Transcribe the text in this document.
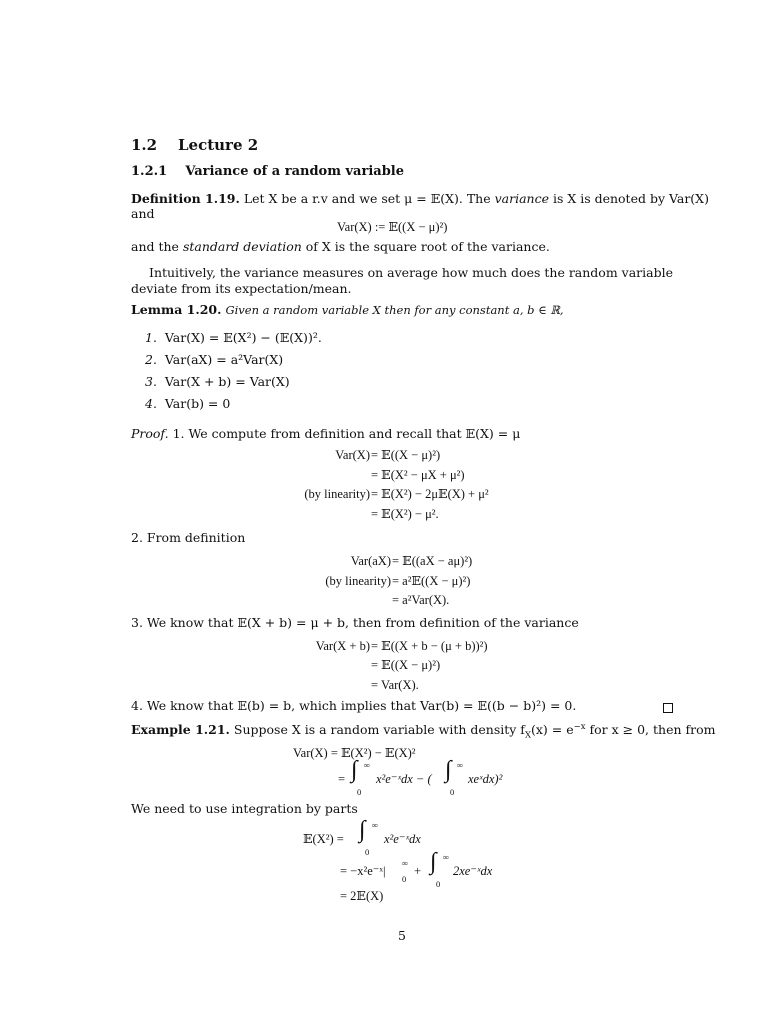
1.2 Lecture 2
1.2.1 Variance of a random variable
Definition 1.19. Let X be a r.v and we set μ = 𝔼(X). The variance is X is denoted by Var(X)
and
Var(X) := 𝔼((X − μ)²)
and the standard deviation of X is the square root of the variance.
Intuitively, the variance measures on average how much does the random variable deviate from its expectation/mean.
Lemma 1.20. Given a random variable X then for any constant a, b ∈ ℝ,
1. Var(X) = 𝔼(X²) − (𝔼(X))².
2. Var(aX) = a²Var(X)
3. Var(X + b) = Var(X)
4. Var(b) = 0
Proof. 1. We compute from definition and recall that 𝔼(X) = μ
Var(X) = 𝔼((X − μ)²)
= 𝔼(X² − μX + μ²)
(by linearity) = 𝔼(X²) − 2μ𝔼(X) + μ²
= 𝔼(X²) − μ².
2. From definition
Var(aX) = 𝔼((aX − aμ)²)
(by linearity) = a²𝔼((X − μ)²)
= a²Var(X).
3. We know that 𝔼(X + b) = μ + b, then from definition of the variance
Var(X + b) = 𝔼((X + b − (μ + b))²)
= 𝔼((X − μ)²)
= Var(X).
4. We know that 𝔼(b) = b, which implies that Var(b) = 𝔼((b − b)²) = 0.
Example 1.21. Suppose X is a random variable with density $f_X(x) = e^{-x}$ for x ≥ 0, then from
Var(X) = 𝔼(X²) − 𝔼(X)²
= ∫ ∞
0
x²e⁻ˣdx − ( ∫ ∞
0
xeˣdx)²
We need to use integration by parts
𝔼(X²) = ∫ ∞
0
x²e⁻ˣdx
= −x²e⁻ˣ|
∞
0
+ ∫ ∞
0
2xe⁻ˣdx
= 2𝔼(X)
5
